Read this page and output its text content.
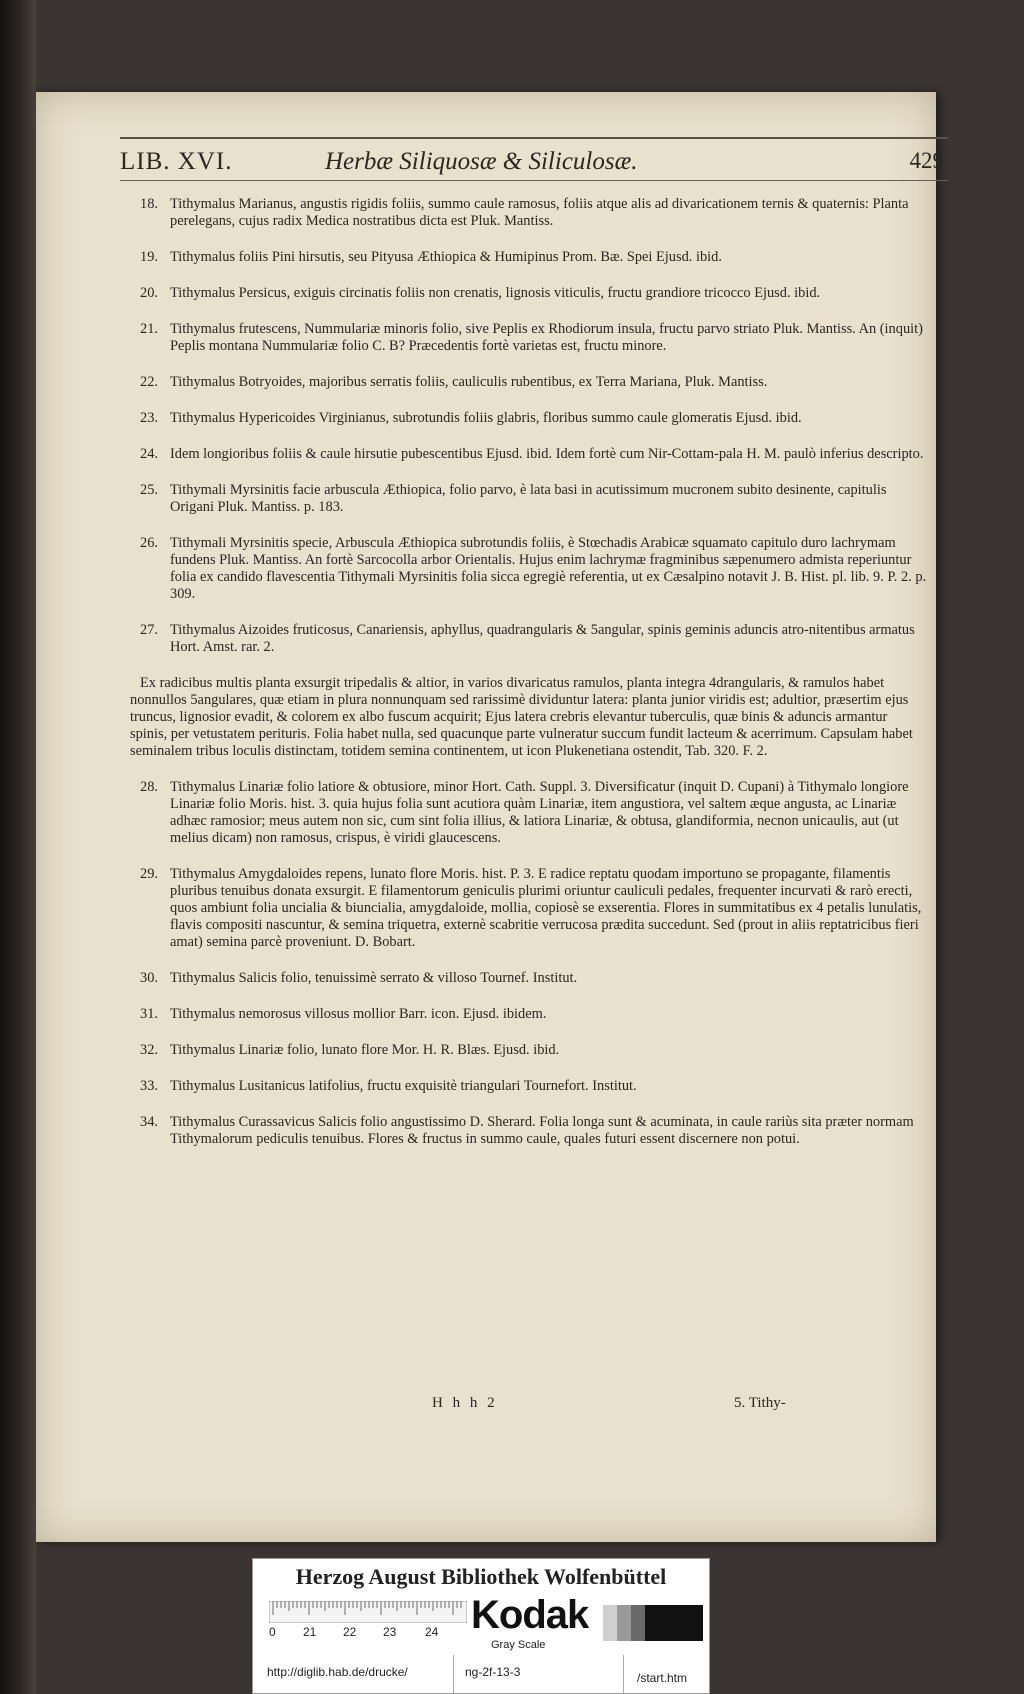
LIB. XVI.	Herbæ Siliquosæ & Siliculosæ.	429
18. Tithymalus Marianus, angustis rigidis foliis, summo caule ramosus, foliis atque alis ad divaricationem ternis & quaternis: Planta perelegans, cujus radix Medica nostratibus dicta est Pluk. Mantiss.
19. Tithymalus foliis Pini hirsutis, seu Pityusa Æthiopica & Humipinus Prom. Bæ. Spei Ejusd. ibid.
20. Tithymalus Persicus, exiguis circinatis foliis non crenatis, lignosis viticulis, fructu grandiore tricocco Ejusd. ibid.
21. Tithymalus frutescens, Nummulariæ minoris folio, sive Peplis ex Rhodiorum insula, fructu parvo striato Pluk. Mantiss. An (inquit) Peplis montana Nummulariæ folio C. B? Præcedentis fortè varietas est, fructu minore.
22. Tithymalus Botryoides, majoribus serratis foliis, cauliculis rubentibus, ex Terra Mariana, Pluk. Mantiss.
23. Tithymalus Hypericoides Virginianus, subrotundis foliis glabris, floribus summo caule glomeratis Ejusd. ibid.
24. Idem longioribus foliis & caule hirsutie pubescentibus Ejusd. ibid. Idem fortè cum Nir-Cottam-pala H. M. paulò inferius descripto.
25. Tithymali Myrsinitis facie arbuscula Æthiopica, folio parvo, è lata basi in acutissimum mucronem subito desinente, capitulis Origani Pluk. Mantiss. p. 183.
26. Tithymali Myrsinitis specie, Arbuscula Æthiopica subrotundis foliis, è Stœchadis Arabicæ squamato capitulo duro lachrymam fundens Pluk. Mantiss. An fortè Sarcocolla arbor Orientalis. Hujus enim lachrymæ fragminibus sæpenumero admista reperiuntur folia ex candido flavescentia Tithymali Myrsinitis folia sicca egregiè referentia, ut ex Cæsalpino notavit J. B. Hist. pl. lib. 9. P. 2. p. 309.
27. Tithymalus Aizoides fruticosus, Canariensis, aphyllus, quadrangularis & 5angular, spinis geminis aduncis atro-nitentibus armatus Hort. Amst. rar. 2.

Ex radicibus multis planta exsurgit tripedalis & altior, in varios divaricatus ramulos, planta integra 4drangularis, & ramulos habet nonnullos 5angulares, quæ etiam in plura nonnunquam sed rarissimè dividuntur latera: planta junior viridis est; adultior, præsertim ejus truncus, lignosior evadit, & colorem ex albo fuscum acquirit; Ejus latera crebris elevantur tuberculis, quæ binis & aduncis armantur spinis, per vetustatem perituris. Folia habet nulla, sed quacunque parte vulneratur succum fundit lacteum & acerrimum. Capsulam habet seminalem tribus loculis distinctam, totidem semina continentem, ut icon Plukenetiana ostendit, Tab. 320. F. 2.

28. Tithymalus Linariæ folio latiore & obtusiore, minor Hort. Cath. Suppl. 3. Diversificatur (inquit D. Cupani) à Tithymalo longiore Linariæ folio Moris. hist. 3. quia hujus folia sunt acutiora quàm Linariæ, item angustiora, vel saltem æque angusta, ac Linariæ adhæc ramosior; meus autem non sic, cum sint folia illius, & latiora Linariæ, & obtusa, glandiformia, necnon unicaulis, aut (ut melius dicam) non ramosus, crispus, è viridi glaucescens.
29. Tithymalus Amygdaloides repens, lunato flore Moris. hist. P. 3. E radice reptatu quodam importuno se propagante, filamentis pluribus tenuibus donata exsurgit. E filamentorum geniculis plurimi oriuntur cauliculi pedales, frequenter incurvati & rarò erecti, quos ambiunt folia uncialia & biuncialia, amygdaloide, mollia, copiosè se exserentia. Flores in summitatibus ex 4 petalis lunulatis, flavis compositi nascuntur, & semina triquetra, externè scabritie verrucosa prædita succedunt. Sed (prout in aliis reptatricibus fieri amat) semina parcè proveniunt. D. Bobart.
30. Tithymalus Salicis folio, tenuissimè serrato & villoso Tournef. Institut.
31. Tithymalus nemorosus villosus mollior Barr. icon. Ejusd. ibidem.
32. Tithymalus Linariæ folio, lunato flore Mor. H. R. Blæs. Ejusd. ibid.
33. Tithymalus Lusitanicus latifolius, fructu exquisitè triangulari Tournefort. Institut.
34. Tithymalus Curassavicus Salicis folio angustissimo D. Sherard. Folia longa sunt & acuminata, in caule rariùs sita præter normam Tithymalorum pediculis tenuibus. Flores & fructus in summo caule, quales futuri essent discernere non potui.
H h h 2	5. Tithy-
Herzog August Bibliothek Wolfenbüttel
0 21 22 23 24 Kodak
Gray Scale
http://diglib.hab.de/drucke/	ng-2f-13-3	/start.htm
